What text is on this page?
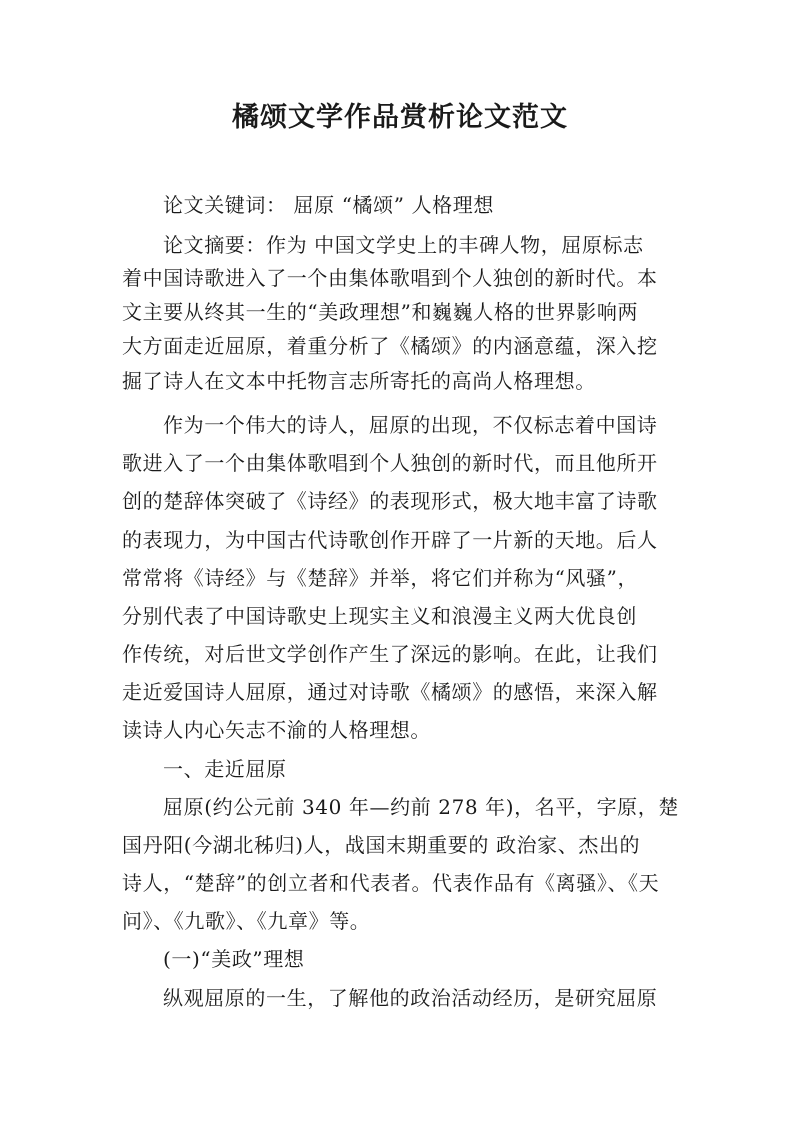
橘颂文学作品赏析论文范文
论文关键词： 屈原 “橘颂” 人格理想
论文摘要：作为 中国文学史上的丰碑人物，屈原标志
着中国诗歌进入了一个由集体歌唱到个人独创的新时代。本
文主要从终其一生的“美政理想”和巍巍人格的世界影响两
大方面走近屈原，着重分析了《橘颂》的内涵意蕴，深入挖
掘了诗人在文本中托物言志所寄托的高尚人格理想。
作为一个伟大的诗人，屈原的出现，不仅标志着中国诗
歌进入了一个由集体歌唱到个人独创的新时代，而且他所开
创的楚辞体突破了《诗经》的表现形式，极大地丰富了诗歌
的表现力，为中国古代诗歌创作开辟了一片新的天地。后人
常常将《诗经》与《楚辞》并举，将它们并称为“风骚”，
分别代表了中国诗歌史上现实主义和浪漫主义两大优良创
作传统，对后世文学创作产生了深远的影响。在此，让我们
走近爱国诗人屈原，通过对诗歌《橘颂》的感悟，来深入解
读诗人内心矢志不渝的人格理想。
一、走近屈原
屈原(约公元前 340 年—约前 278 年)，名平，字原，楚
国丹阳(今湖北秭归)人，战国末期重要的 政治家、杰出的
诗人，“楚辞”的创立者和代表者。代表作品有《离骚》、《天
问》、《九歌》、《九章》等。
(一)“美政”理想
纵观屈原的一生，了解他的政治活动经历，是研究屈原
